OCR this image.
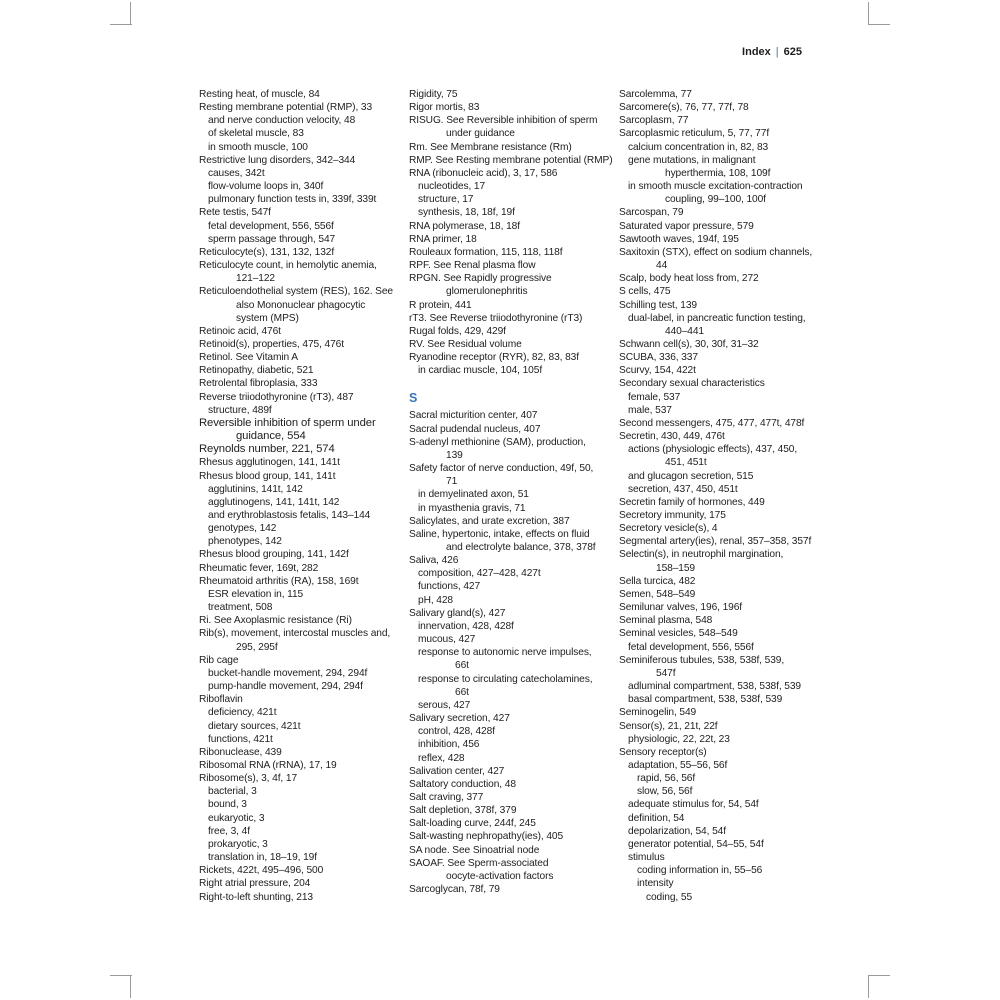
Index | 625
Resting heat, of muscle, 84
Resting membrane potential (RMP), 33
and nerve conduction velocity, 48
of skeletal muscle, 83
in smooth muscle, 100
Restrictive lung disorders, 342–344
causes, 342t
flow-volume loops in, 340f
pulmonary function tests in, 339f, 339t
Rete testis, 547f
fetal development, 556, 556f
sperm passage through, 547
Reticulocyte(s), 131, 132, 132f
Reticulocyte count, in hemolytic anemia,
121–122
Reticuloendothelial system (RES), 162. See
also Mononuclear phagocytic
system (MPS)
Retinoic acid, 476t
Retinoid(s), properties, 475, 476t
Retinol. See Vitamin A
Retinopathy, diabetic, 521
Retrolental fibroplasia, 333
Reverse triiodothyronine (rT3), 487
structure, 489f
Reversible inhibition of sperm under
guidance, 554
Reynolds number, 221, 574
Rhesus agglutinogen, 141, 141t
Rhesus blood group, 141, 141t
agglutinins, 141t, 142
agglutinogens, 141, 141t, 142
and erythroblastosis fetalis, 143–144
genotypes, 142
phenotypes, 142
Rhesus blood grouping, 141, 142f
Rheumatic fever, 169t, 282
Rheumatoid arthritis (RA), 158, 169t
ESR elevation in, 115
treatment, 508
Ri. See Axoplasmic resistance (Ri)
Rib(s), movement, intercostal muscles and,
295, 295f
Rib cage
bucket-handle movement, 294, 294f
pump-handle movement, 294, 294f
Riboflavin
deficiency, 421t
dietary sources, 421t
functions, 421t
Ribonuclease, 439
Ribosomal RNA (rRNA), 17, 19
Ribosome(s), 3, 4f, 17
bacterial, 3
bound, 3
eukaryotic, 3
free, 3, 4f
prokaryotic, 3
translation in, 18–19, 19f
Rickets, 422t, 495–496, 500
Right atrial pressure, 204
Right-to-left shunting, 213
Rigidity, 75
Rigor mortis, 83
RISUG. See Reversible inhibition of sperm
under guidance
Rm. See Membrane resistance (Rm)
RMP. See Resting membrane potential (RMP)
RNA (ribonucleic acid), 3, 17, 586
nucleotides, 17
structure, 17
synthesis, 18, 18f, 19f
RNA polymerase, 18, 18f
RNA primer, 18
Rouleaux formation, 115, 118, 118f
RPF. See Renal plasma flow
RPGN. See Rapidly progressive
glomerulonephritis
R protein, 441
rT3. See Reverse triiodothyronine (rT3)
Rugal folds, 429, 429f
RV. See Residual volume
Ryanodine receptor (RYR), 82, 83, 83f
in cardiac muscle, 104, 105f
S
Sacral micturition center, 407
Sacral pudendal nucleus, 407
S-adenyl methionine (SAM), production,
139
Safety factor of nerve conduction, 49f, 50,
71
in demyelinated axon, 51
in myasthenia gravis, 71
Salicylates, and urate excretion, 387
Saline, hypertonic, intake, effects on fluid
and electrolyte balance, 378, 378f
Saliva, 426
composition, 427–428, 427t
functions, 427
pH, 428
Salivary gland(s), 427
innervation, 428, 428f
mucous, 427
response to autonomic nerve impulses,
66t
response to circulating catecholamines,
66t
serous, 427
Salivary secretion, 427
control, 428, 428f
inhibition, 456
reflex, 428
Salivation center, 427
Saltatory conduction, 48
Salt craving, 377
Salt depletion, 378f, 379
Salt-loading curve, 244f, 245
Salt-wasting nephropathy(ies), 405
SA node. See Sinoatrial node
SAOAF. See Sperm-associated
oocyte-activation factors
Sarcoglycan, 78f, 79
Sarcolemma, 77
Sarcomere(s), 76, 77, 77f, 78
Sarcoplasm, 77
Sarcoplasmic reticulum, 5, 77, 77f
calcium concentration in, 82, 83
gene mutations, in malignant
hyperthermia, 108, 109f
in smooth muscle excitation-contraction
coupling, 99–100, 100f
Sarcospan, 79
Saturated vapor pressure, 579
Sawtooth waves, 194f, 195
Saxitoxin (STX), effect on sodium channels,
44
Scalp, body heat loss from, 272
S cells, 475
Schilling test, 139
dual-label, in pancreatic function testing,
440–441
Schwann cell(s), 30, 30f, 31–32
SCUBA, 336, 337
Scurvy, 154, 422t
Secondary sexual characteristics
female, 537
male, 537
Second messengers, 475, 477, 477t, 478f
Secretin, 430, 449, 476t
actions (physiologic effects), 437, 450,
451, 451t
and glucagon secretion, 515
secretion, 437, 450, 451t
Secretin family of hormones, 449
Secretory immunity, 175
Secretory vesicle(s), 4
Segmental artery(ies), renal, 357–358, 357f
Selectin(s), in neutrophil margination,
158–159
Sella turcica, 482
Semen, 548–549
Semilunar valves, 196, 196f
Seminal plasma, 548
Seminal vesicles, 548–549
fetal development, 556, 556f
Seminiferous tubules, 538, 538f, 539,
547f
adluminal compartment, 538, 538f, 539
basal compartment, 538, 538f, 539
Seminogelin, 549
Sensor(s), 21, 21t, 22f
physiologic, 22, 22t, 23
Sensory receptor(s)
adaptation, 55–56, 56f
rapid, 56, 56f
slow, 56, 56f
adequate stimulus for, 54, 54f
definition, 54
depolarization, 54, 54f
generator potential, 54–55, 54f
stimulus
coding information in, 55–56
intensity
coding, 55
